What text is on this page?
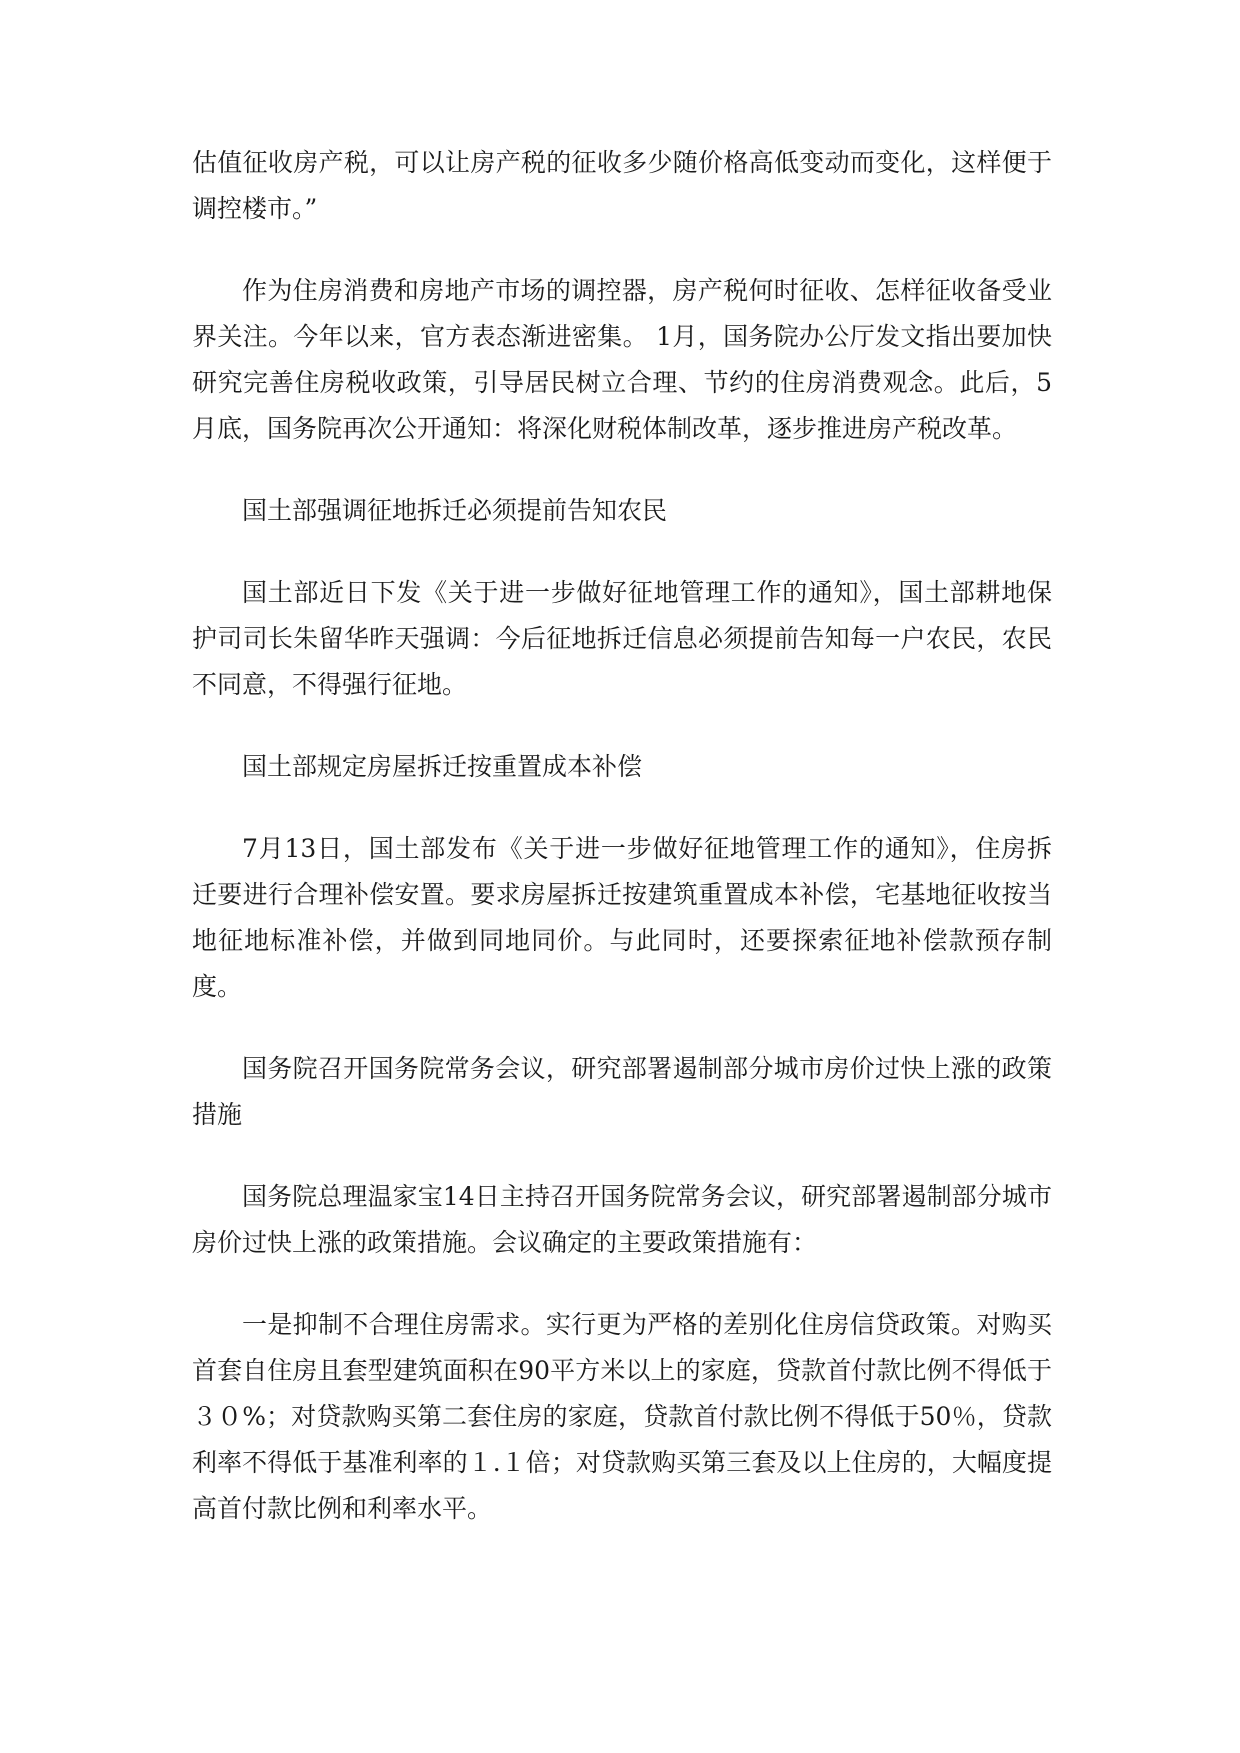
估值征收房产税，可以让房产税的征收多少随价格高低变动而变化，这样便于调控楼市。”

作为住房消费和房地产市场的调控器，房产税何时征收、怎样征收备受业界关注。今年以来，官方表态渐进密集。 1月，国务院办公厅发文指出要加快研究完善住房税收政策，引导居民树立合理、节约的住房消费观念。此后，5月底，国务院再次公开通知：将深化财税体制改革，逐步推进房产税改革。

国土部强调征地拆迁必须提前告知农民

国土部近日下发《关于进一步做好征地管理工作的通知》，国土部耕地保护司司长朱留华昨天强调：今后征地拆迁信息必须提前告知每一户农民，农民不同意，不得强行征地。

国土部规定房屋拆迁按重置成本补偿

7月13日，国土部发布《关于进一步做好征地管理工作的通知》，住房拆迁要进行合理补偿安置。要求房屋拆迁按建筑重置成本补偿，宅基地征收按当地征地标准补偿，并做到同地同价。与此同时，还要探索征地补偿款预存制度。

国务院召开国务院常务会议，研究部署遏制部分城市房价过快上涨的政策措施

国务院总理温家宝14日主持召开国务院常务会议，研究部署遏制部分城市房价过快上涨的政策措施。会议确定的主要政策措施有：

一是抑制不合理住房需求。实行更为严格的差别化住房信贷政策。对购买首套自住房且套型建筑面积在90平方米以上的家庭，贷款首付款比例不得低于３０%；对贷款购买第二套住房的家庭，贷款首付款比例不得低于50％，贷款利率不得低于基准利率的１.１倍；对贷款购买第三套及以上住房的，大幅度提高首付款比例和利率水平。
